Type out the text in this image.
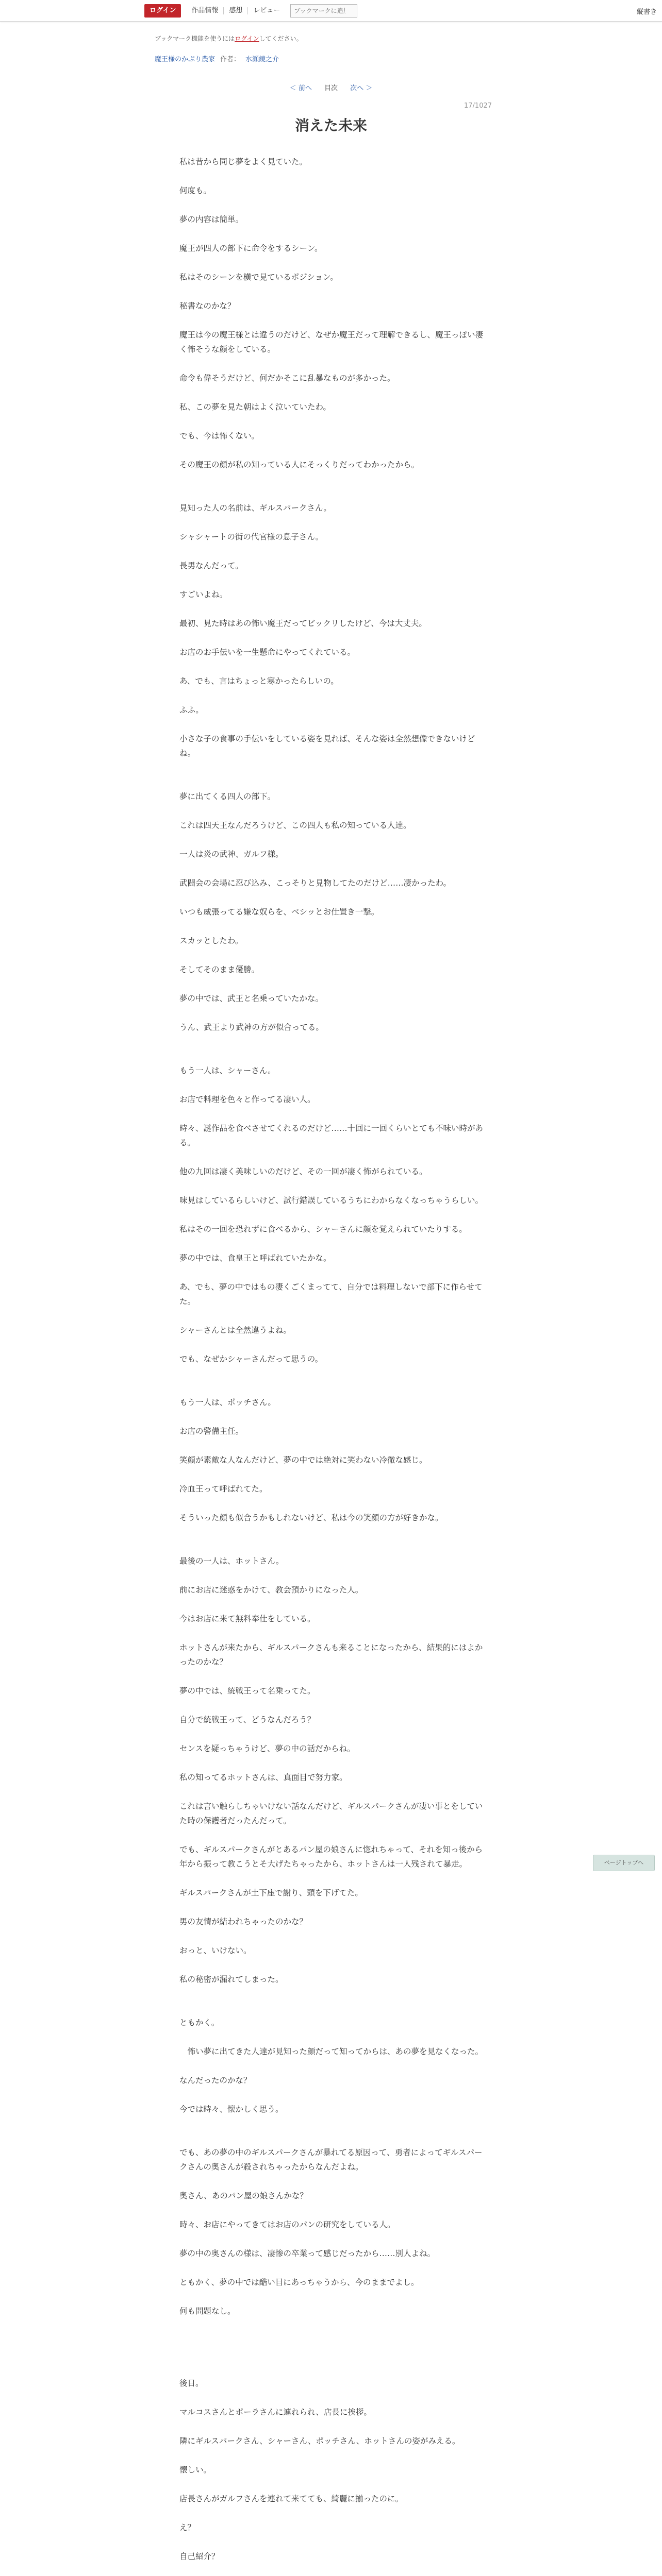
ログイン	作品情報	感想	レビュー
ブックマークに追加	縦書き
ブックマーク機能を使うにはログインしてください。
魔王様のかぷり農家 作者： 水瀬鏡之介
＜ 前へ 目次 次へ ＞
17/1027
消えた未来

私は昔から同じ夢をよく見ていた。

何度も。

夢の内容は簡単。

魔王が四人の部下に命令をするシーン。

私はそのシーンを横で見ているポジション。

秘書なのかな？

魔王は今の魔王様とは違うのだけど、なぜか魔王だって理解できるし、魔王っぽい凄く怖そうな顔をしている。

命令も偉そうだけど、何だかそこに乱暴なものが多かった。

私、この夢を見た朝はよく泣いていたわ。

でも、今は怖くない。

その魔王の顔が私の知っている人にそっくりだってわかったから。

見知った人の名前は、ギルスパークさん。

シャシャートの街の代官様の息子さん。

長男なんだって。

すごいよね。

最初、見た時はあの怖い魔王だってビックリしたけど、今は大丈夫。

お店のお手伝いを一生懸命にやってくれている。

あ、でも、言はちょっと寒かったらしいの。

ふふ。

小さな子の食事の手伝いをしている姿を見れば、そんな姿は全然想像できないけどね。

夢に出てくる四人の部下。

これは四天王なんだろうけど、この四人も私の知っている人達。

一人は炎の武神、ガルフ様。

武闘会の会場に忍び込み、こっそりと見物してたのだけど……凄かったわ。

いつも威張ってる嫌な奴らを、ベシッとお仕置き一撃。

スカッとしたわ。

そしてそのまま優勝。

夢の中では、武王と名乗っていたかな。

うん、武王より武神の方が似合ってる。

もう一人は、シャーさん。

お店で料理を色々と作ってる凄い人。

時々、謎作品を食べさせてくれるのだけど……十回に一回くらいとても不味い時がある。

他の九回は凄く美味しいのだけど、その一回が凄く怖がられている。

味見はしているらしいけど、試行錯誤しているうちにわからなくなっちゃうらしい。

私はその一回を恐れずに食べるから、シャーさんに顔を覚えられていたりする。

夢の中では、食皇王と呼ばれていたかな。

あ、でも、夢の中ではもの凄くごくまってて、自分では料理しないで部下に作らせてた。

シャーさんとは全然違うよね。

でも、なぜかシャーさんだって思うの。

もう一人は、ポッチさん。

お店の警備主任。

笑顔が素敵な人なんだけど、夢の中では絶対に笑わない冷徹な感じ。

冷血王って呼ばれてた。

そういった顔も似合うかもしれないけど、私は今の笑顔の方が好きかな。

最後の一人は、ホットさん。

前にお店に迷惑をかけて、教会預かりになった人。

今はお店に来て無料奉仕をしている。

ホットさんが来たから、ギルスパークさんも来ることになったから、結果的にはよかったのかな？

夢の中では、統戦王って名乗ってた。

自分で統戦王って、どうなんだろう？

センスを疑っちゃうけど、夢の中の話だからね。

私の知ってるホットさんは、真面目で努力家。

これは言い触らしちゃいけない話なんだけど、ギルスパークさんが凄い事とをしていた時の保護者だったんだって。

でも、ギルスパークさんがとあるパン屋の娘さんに惚れちゃって、それを知っ後から年から振って教こうとそ大げたちゃったから、ホットさんは一人残されて暴走。

ギルスパークさんが土下座で謝り、頭を下げてた。

男の友情が結われちゃったのかな？

おっと、いけない。

私の秘密が漏れてしまった。

ともかく。

　怖い夢に出てきた人達が見知った顔だって知ってからは、あの夢を見なくなった。

なんだったのかな？

今では時々、懐かしく思う。

でも、あの夢の中のギルスパークさんが暴れてる原因って、勇者によってギルスパークさんの奥さんが殺されちゃったからなんだよね。

奥さん、あのパン屋の娘さんかな？

時々、お店にやってきてはお店のパンの研究をしている人。

夢の中の奥さんの様は、凄惨の卒業って感じだったから……別人よね。

ともかく、夢の中では酷い目にあっちゃうから、今のままでよし。

何も問題なし。

後日。

マルコスさんとポーラさんに連れられ、店長に挨拶。

隣にギルスパークさん、シャーさん、ポッチさん、ホットさんの姿がみえる。

懐しい。

店長さんがガルフさんを連れて来てても、綺麗に揃ったのに。

え？

自己紹介？

ページトップへ
